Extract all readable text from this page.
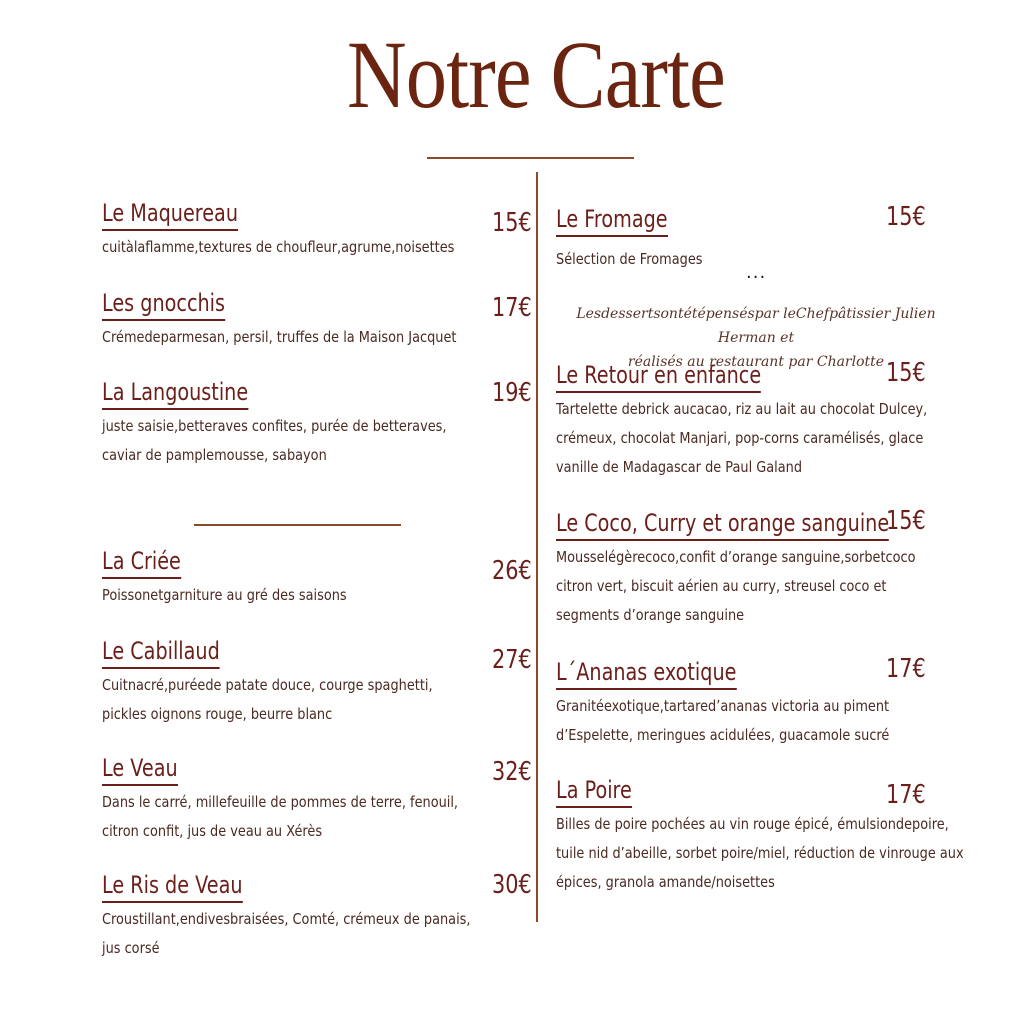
Notre Carte
Le Maquereau
cuitàlaflamme,textures de choufleur,agrume,noisettes
15€
Les gnocchis
Crémedeparmesan, persil, truffes de la Maison Jacquet
17€
La Langoustine
juste saisie,betteraves confites, purée de betteraves,
caviar de pamplemousse, sabayon
19€
La Criée
Poissonetgarniture au gré des saisons
26€
Le Cabillaud
Cuitnacré,puréede patate douce, courge spaghetti,
pickles oignons rouge, beurre blanc
27€
Le Veau
Dans le carré, millefeuille de pommes de terre, fenouil,
citron confit, jus de veau au Xérès
32€
Le Ris de Veau
Croustillant,endivesbraisées, Comté, crémeux de panais,
jus corsé
30€
Le Fromage
Sélection de Fromages
15€
...
Lesdessertsontétépenséspar leChefpâtissier Julien Herman et
réalisés au restaurant par Charlotte
Le Retour en enfance
Tartelette debrick aucacao, riz au lait au chocolat Dulcey,
crémeux, chocolat Manjari, pop-corns caramélisés, glace
vanille de Madagascar de Paul Galand
15€
Le Coco, Curry et orange sanguine
Mousselégèrecoco,confit d’orange sanguine,sorbetcoco
citron vert, biscuit aérien au curry, streusel coco et
segments d’orange sanguine
15€
L´Ananas exotique
Granitéexotique,tartared’ananas victoria au piment
d’Espelette, meringues acidulées, guacamole sucré
17€
La Poire
Billes de poire pochées au vin rouge épicé, émulsiondepoire,
tuile nid d’abeille, sorbet poire/miel, réduction de vinrouge aux
épices, granola amande/noisettes
17€
